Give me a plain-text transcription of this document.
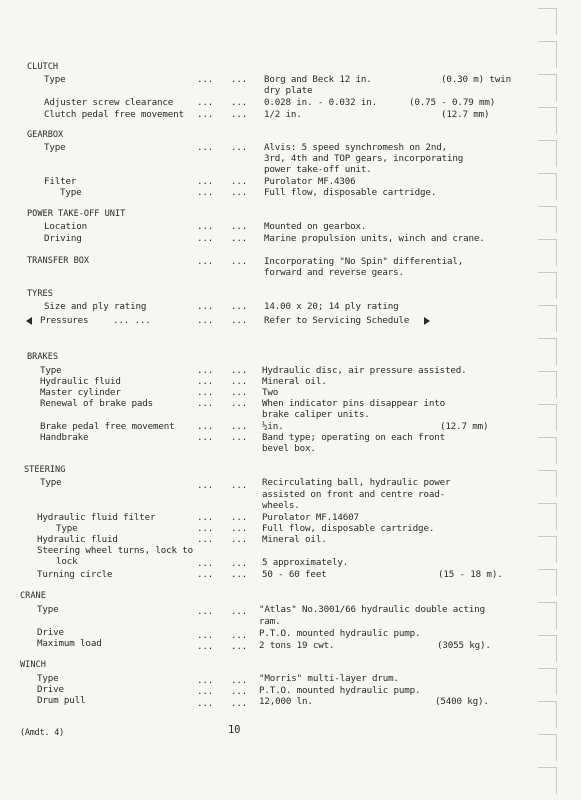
CLUTCH
Type	... ... Borg and Beck 12 in.	(0.30 m) twin
dry plate
Adjuster screw clearance	... ... 0.028 in. - 0.032 in.	(0.75 - 0.79 mm)
Clutch pedal free movement ... ... 1/2 in.	(12.7 mm)
GEARBOX
Type	... ... Alvis: 5 speed synchromesh on 2nd,
3rd, 4th and TOP gears, incorporating
power take-off unit.
Filter	... ... Purolator MF.4306
Type	... ... Full flow, disposable cartridge.
POWER TAKE-OFF UNIT
Location	... ... Mounted on gearbox.
Driving	... ... Marine propulsion units, winch and crane.
TRANSFER BOX	... ... Incorporating "No Spin" differential,
forward and reverse gears.
TYRES
Size and ply rating	... ... 14.00 x 20; 14 ply rating
Pressures	... ...	... ... Refer to Servicing Schedule
BRAKES
Type	... ... Hydraulic disc, air pressure assisted.
Hydraulic fluid	... ... Mineral oil.
Master cylinder	... ... Two
Renewal of brake pads	... ... When indicator pins disappear into
brake caliper units.
Brake pedal free movement ... ... ½in.	(12.7 mm)
Handbrake	... ... Band type; operating on each front
bevel box.
STEERING
Type	... ... Recirculating ball, hydraulic power
assisted on front and centre road-
wheels.
Hydraulic fluid filter	... ... Purolator MF.14607
Type	... ... Full flow, disposable cartridge.
Hydraulic fluid	... ... Mineral oil.
Steering wheel turns, lock to
lock	... ... 5 approximately.
Turning circle	... ... 50 - 60 feet	(15 - 18 m).
CRANE
Type	... ... "Atlas" No.3001/66 hydraulic double acting
ram.
Drive	... ... P.T.O. mounted hydraulic pump.
Maximum load	... ... 2 tons 19 cwt.	(3055 kg).
WINCH
Type	... ... "Morris" multi-layer drum.
Drive	... ... P.T.O. mounted hydraulic pump.
Drum pull	... ... 12,000 ln.	(5400 kg).
(Amdt. 4)	10
